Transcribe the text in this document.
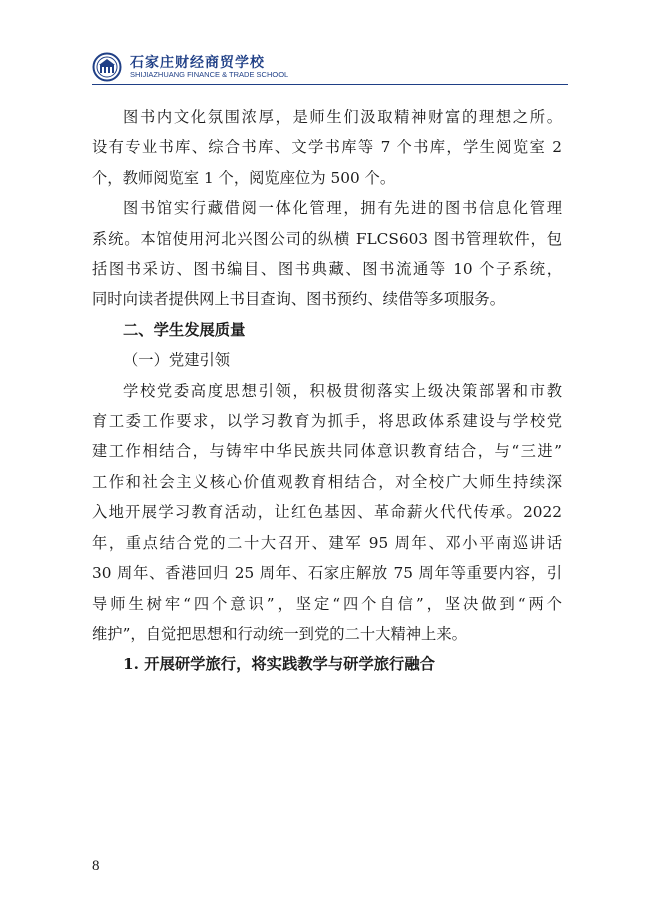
石家庄财经商贸学校
SHIJIAZHUANG FINANCE & TRADE SCHOOL

图书内文化氛围浓厚，是师生们汲取精神财富的理想之所。

设有专业书库、综合书库、文学书库等 7 个书库，学生阅览室 2

个，教师阅览室 1 个，阅览座位为 500 个。

图书馆实行藏借阅一体化管理，拥有先进的图书信息化管理

系统。本馆使用河北兴图公司的纵横 FLCS603 图书管理软件，包

括图书采访、图书编目、图书典藏、图书流通等 10 个子系统，

同时向读者提供网上书目查询、图书预约、续借等多项服务。

二、学生发展质量

（一）党建引领

学校党委高度思想引领，积极贯彻落实上级决策部署和市教

育工委工作要求，以学习教育为抓手，将思政体系建设与学校党

建工作相结合，与铸牢中华民族共同体意识教育结合，与“三进”

工作和社会主义核心价值观教育相结合，对全校广大师生持续深

入地开展学习教育活动，让红色基因、革命薪火代代传承。2022

年，重点结合党的二十大召开、建军 95 周年、邓小平南巡讲话

30 周年、香港回归 25 周年、石家庄解放 75 周年等重要内容，引

导师生树牢“四个意识”，坚定“四个自信”，坚决做到“两个

维护”，自觉把思想和行动统一到党的二十大精神上来。

1. 开展研学旅行，将实践教学与研学旅行融合

8
